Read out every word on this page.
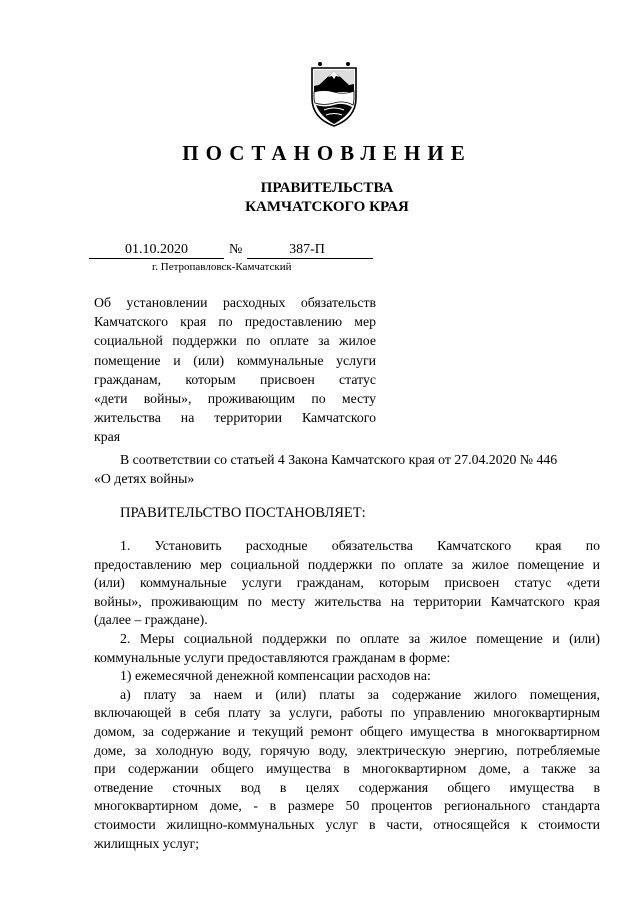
ПОСТАНОВЛЕНИЕ
ПРАВИТЕЛЬСТВА
КАМЧАТСКОГО КРАЯ
01.10.2020	№	387-П
г. Петропавловск-Камчатский
Об установлении расходных обязательств
Камчатского края по предоставлению мер
социальной поддержки по оплате за жилое
помещение и (или) коммунальные услуги
гражданам, которым присвоен статус
«дети войны», проживающим по месту
жительства на территории Камчатского
края
В соответствии со статьей 4 Закона Камчатского края от 27.04.2020 № 446
«О детях войны»
ПРАВИТЕЛЬСТВО ПОСТАНОВЛЯЕТ:
1. Установить расходные обязательства Камчатского края по
предоставлению мер социальной поддержки по оплате за жилое помещение и
(или) коммунальные услуги гражданам, которым присвоен статус «дети
войны», проживающим по месту жительства на территории Камчатского края
(далее – граждане).
2. Меры социальной поддержки по оплате за жилое помещение и (или)
коммунальные услуги предоставляются гражданам в форме:
1) ежемесячной денежной компенсации расходов на:
а) плату за наем и (или) платы за содержание жилого помещения,
включающей в себя плату за услуги, работы по управлению многоквартирным
домом, за содержание и текущий ремонт общего имущества в многоквартирном
доме, за холодную воду, горячую воду, электрическую энергию, потребляемые
при содержании общего имущества в многоквартирном доме, а также за
отведение сточных вод в целях содержания общего имущества в
многоквартирном доме, - в размере 50 процентов регионального стандарта
стоимости жилищно-коммунальных услуг в части, относящейся к стоимости
жилищных услуг;
